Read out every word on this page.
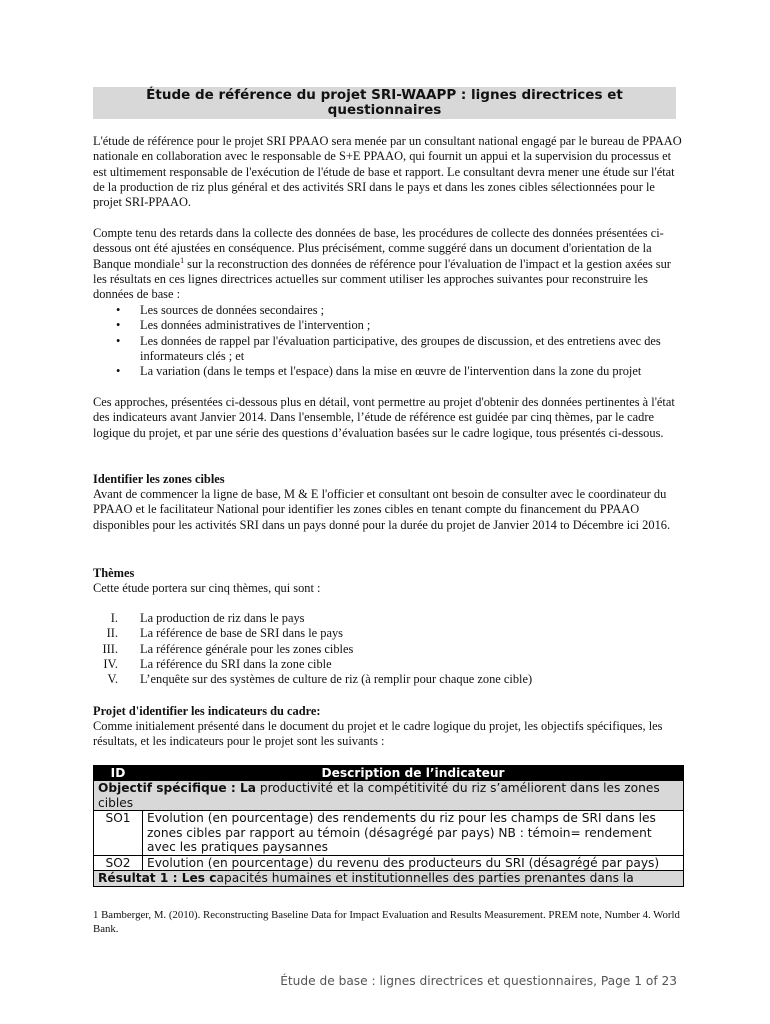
Étude de référence du projet SRI-WAAPP : lignes directrices et questionnaires

L'étude de référence pour le projet SRI PPAAO sera menée par un consultant national engagé par le bureau de PPAAO nationale en collaboration avec le responsable de S+E PPAAO, qui fournit un appui et la supervision du processus et est ultimement responsable de l'exécution de l'étude de base et rapport. Le consultant devra mener une étude sur l'état de la production de riz plus général et des activités SRI dans le pays et dans les zones cibles sélectionnées pour le projet SRI-PPAAO.

Compte tenu des retards dans la collecte des données de base, les procédures de collecte des données présentées ci-dessous ont été ajustées en conséquence. Plus précisément, comme suggéré dans un document d'orientation de la Banque mondiale$^1$ sur la reconstruction des données de référence pour l'évaluation de l'impact et la gestion axées sur les résultats en ces lignes directrices actuelles sur comment utiliser les approches suivantes pour reconstruire les données de base :

• Les sources de données secondaires ;
• Les données administratives de l'intervention ;
• Les données de rappel par l'évaluation participative, des groupes de discussion, et des entretiens avec des informateurs clés ; et
• La variation (dans le temps et l'espace) dans la mise en œuvre de l'intervention dans la zone du projet

Ces approches, présentées ci-dessous plus en détail, vont permettre au projet d'obtenir des données pertinentes à l'état des indicateurs avant Janvier 2014. Dans l'ensemble, l’étude de référence est guidée par cinq thèmes, par le cadre logique du projet, et par une série des questions d’évaluation basées sur le cadre logique, tous présentés ci-dessous.

Identifier les zones cibles

Avant de commencer la ligne de base, M & E l'officier et consultant ont besoin de consulter avec le coordinateur du PPAAO et le facilitateur National pour identifier les zones cibles en tenant compte du financement du PPAAO disponibles pour les activités SRI dans un pays donné pour la durée du projet de Janvier 2014 to Décembre ici 2016.

Thèmes
Cette étude portera sur cinq thèmes, qui sont :
I. La production de riz dans le pays
II. La référence de base de SRI dans le pays
III. La référence générale pour les zones cibles
IV. La référence du SRI dans la zone cible
V. L’enquête sur des systèmes de culture de riz (à remplir pour chaque zone cible)
Projet d'identifier les indicateurs du cadre:

Comme initialement présenté dans le document du projet et le cadre logique du projet, les objectifs spécifiques, les résultats, et les indicateurs pour le projet sont les suivants :

ID	Description de l’indicateur
Objectif spécifique : La productivité et la compétitivité du riz s’améliorent dans les zones cibles	
SO1	Evolution (en pourcentage) des rendements du riz pour les champs de SRI dans les zones cibles par rapport au témoin (désagrégé par pays) NB : témoin= rendement avec les pratiques paysannes
SO2	Evolution (en pourcentage) du revenu des producteurs du SRI (désagrégé par pays)
Résultat 1 : Les capacités humaines et institutionnelles des parties prenantes dans la	
1 Bamberger, M. (2010). Reconstructing Baseline Data for Impact Evaluation and Results Measurement. PREM note, Number 4. World Bank.
Étude de base : lignes directrices et questionnaires, Page 1 of 23
